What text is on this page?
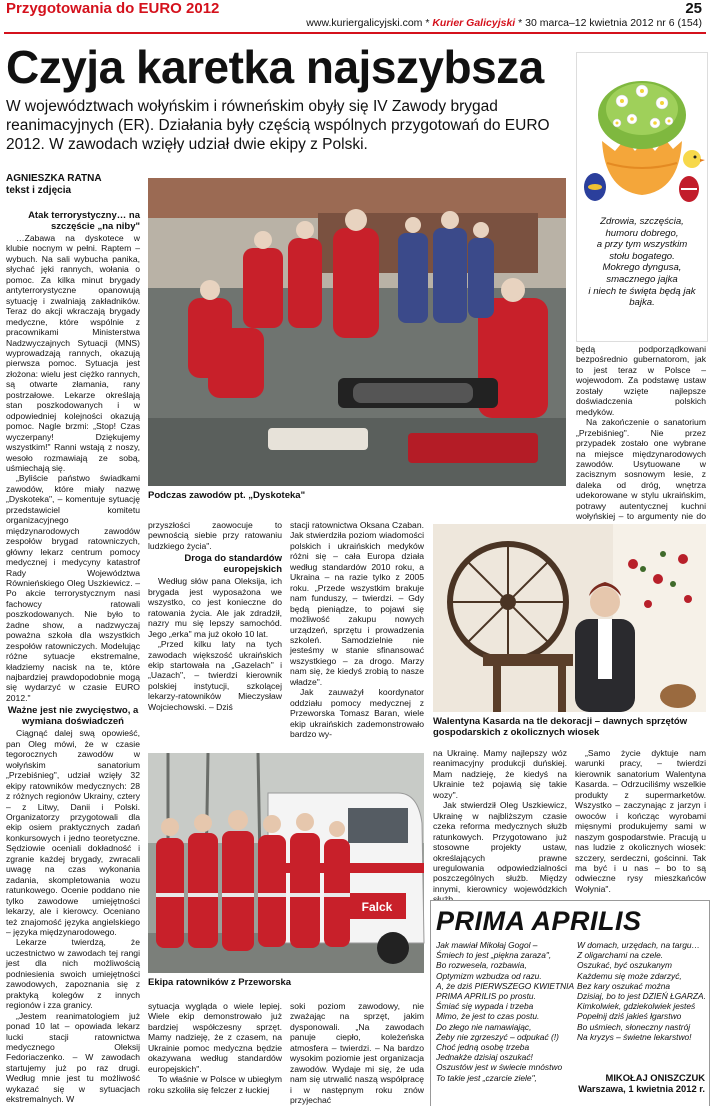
Przygotowania do EURO 2012	25
www.kuriergalicyjski.com * Kurier Galicyjski * 30 marca–12 kwietnia 2012 nr 6 (154)
Czyja karetka najszybsza
W województwach wołyńskim i równeńskim obyły się IV Zawody brygad reanimacyjnych (ER). Działania były częścią wspólnych przygotowań do EURO 2012. W zawodach wzięły udział dwie ekipy z Polski.
Zdrowia, szczęścia,
humoru dobrego,
a przy tym wszystkim
stołu bogatego.
Mokrego dyngusa,
smacznego jajka
i niech te święta będą jak bajka.
AGNIESZKA RATNA
tekst i zdjęcia
Atak terrorystyczny… na szczęście „na niby"

…Zabawa na dyskotece w klubie nocnym w pełni. Raptem – wybuch. Na sali wybucha panika, słychać jęki rannych, wołania o pomoc. Za kilka minut brygady antyterrorystyczne opanowują sytuację i zwalniają zakładników. Teraz do akcji wkraczają brygady medyczne, które wspólnie z pracownikami Ministerstwa Nadzwyczajnych Sytuacji (MNS) wyprowadzają rannych, okazują pierwsza pomoc. Sytuacja jest złożona: wielu jest ciężko rannych, są otwarte złamania, rany postrzałowe. Lekarze określają stan poszkodowanych i w odpowiedniej kolejności okazują pomoc. Nagle brzmi: „Stop! Czas wyczerpany! Dziękujemy wszystkim!" Ranni wstają z noszy, wesoło rozmawiają ze sobą, uśmiechają się.

„Byliście państwo świadkami zawodów, które miały nazwę „Dyskoteka", – komentuje sytuację przedstawiciel komitetu organizacyjnego międzynarodowych zawodów zespołów brygad ratowniczych, główny lekarz centrum pomocy medycznej i medycyny katastrof Rady Województwa Równieńskiego Oleg Uszkiewicz. – Po akcie terrorystycznym nasi fachowcy ratowali poszkodowanych. Nie było to żadne show, a nadzwyczaj poważna szkoła dla wszystkich zespołów ratowniczych. Modelując różne sytuacje ekstremalne, kładziemy nacisk na te, które najbardziej prawdopodobnie mogą się wydarzyć w czasie EURO 2012."

Ważne jest nie zwycięstwo, a wymiana doświadczeń

Ciągnąć dalej swą opowieść, pan Oleg mówi, że w czasie tegorocznych zawodów w wołyńskim sanatorium „Przebiśnieg", udział wzięły 32 ekipy ratowników medycznych: 28 z różnych regionów Ukrainy, cztery – z Litwy, Danii i Polski. Organizatorzy przygotowali dla ekip osiem praktycznych zadań konkursowych i jedno teoretyczne. Sędziowie oceniali dokładność i zgranie każdej brygady, zwracali uwagę na czas wykonania zadania, skompletowania wozu ratunkowego. Ocenie poddano nie tylko zawodowe umiejętności lekarzy, ale i kierowcy. Oceniano też znajomość języka angielskiego – języka międzynarodowego.

Lekarze twierdzą, że uczestnictwo w zawodach tej rangi jest dla nich możliwością podniesienia swoich umiejętności zawodowych, zapoznania się z praktyką kolegów z innych regionów i zza granicy.

„Jestem reanimatologiem już ponad 10 lat – opowiada lekarz lucki stacji ratownictwa medycznego Oleksij Fedoriaczenko. – W zawodach startujemy już po raz drugi. Według mnie jest tu możliwość wykazać się w sytuacjach ekstremalnych. W

Podczas zawodów pt. „Dyskoteka"

będą podporządkowani bezpośrednio gubernatorom, jak to jest teraz w Polsce – wojewodom. Za podstawę ustaw zostały wzięte najlepsze doświadczenia polskich medyków.

Na zakończenie o sanatorium „Przebiśnieg". Nie przez przypadek zostało one wybrane na miejsce międzynarodowych zawodów. Usytuowane w zacisznym sosnowym lesie, z daleka od dróg, wnętrza udekorowane w stylu ukraińskim, potrawy autentycznej kuchni wołyńskiej – to argumenty nie do

przyszłości zaowocuje to pewnością siebie przy ratowaniu ludzkiego życia".

Droga do standardów europejskich

Według słów pana Oleksija, ich brygada jest wyposażona we wszystko, co jest konieczne do ratowania życia. Ale jak zdradził, nazry mu się lepszy samochód. Jego „erka" ma już około 10 lat.

„Przed kilku laty na tych zawodach większość ukraińskich ekip startowała na „Gazelach" i „Uazach", – twierdzi kierownik polskiej instytucji, szkolącej lekarzy-ratowników Mieczysław Wojciechowski. – Dziś

stacji ratownictwa Oksana Czaban. Jak stwierdziła poziom wiadomości polskich i ukraińskich medyków różni się – cała Europa działa według standardów 2010 roku, a Ukraina – na razie tylko z 2005 roku. „Przede wszystkim brakuje nam funduszy, – twierdzi. – Gdy będą pieniądze, to pojawi się możliwość zakupu nowych urządzeń, sprzętu i prowadzenia szkoleń. Samodzielnie nie jesteśmy w stanie sfinansować wszystkiego – za drogo. Marzy nam się, że kiedyś zrobią to nasze władze".

Jak zauważył koordynator oddziału pomocy medycznej z Przeworska Tomasz Baran, wiele ekip ukraińskich zademonstrowało bardzo wy-

Walentyna Kasarda na tle dekoracji – dawnych sprzętów gospodarskich z okolicznych wiosek
Falck
Ekipa ratowników z Przeworska

sytuacja wygląda o wiele lepiej. Wiele ekip demonstrowało już bardziej współczesny sprzęt. Mamy nadzieję, że z czasem, na Ukrainie pomoc medyczna będzie okazywana według standardów europejskich".

To właśnie w Polsce w ubiegłym roku szkoliła się felczer z łuckiej

soki poziom zawodowy, nie zważając na sprzęt, jakim dysponowali. „Na zawodach panuje ciepło, koleżeńska atmosfera – twierdzi. – Na bardzo wysokim poziomie jest organizacja zawodów. Wydaje mi się, że uda nam się utrwalić naszą współpracę i w następnym roku znów przyjechać

na Ukrainę. Mamy najlepszy wóz reanimacyjny produkcji duńskiej. Mam nadzieję, że kiedyś na Ukrainie też pojawią się takie wozy".

Jak stwierdził Oleg Uszkiewicz, Ukrainę w najbliższym czasie czeka reforma medycznych służb ratunkowych. Przygotowano już stosowne projekty ustaw, określających prawne uregulowania odpowiedzialności poszczególnych służb. Między innymi, kierownicy wojewódzkich

„Samo życie dyktuje nam warunki pracy, – twierdzi kierownik sanatorium Walentyna Kasarda. – Odrzuciliśmy wszelkie produkty z supermarketów. Wszystko – zaczynając z jarzyn i owoców i kończąc wyrobami mięsnymi produkujemy sami w naszym gospodarstwie. Pracują u nas ludzie z okolicznych wiosek: szczery, serdeczni, gościnni. Tak ma być i u nas – bo to są odwieczne rysy mieszkańców Wołynia".

PRIMA APRILIS
Jak mawiał Mikołaj Gogol –
Śmiech to jest „piękna zaraza",
Bo rozwesela, rozbawia,
Optymizm wzbudza od razu.
A, że dziś PIERWSZEGO KWIETNIA
PRIMA APRILIS po prostu.
Śmiać się wypada i trzeba
Mimo, że jest to czas postu.
Do złego nie namawiając,
Żeby nie zgrzeszyć – odpukać (!)
Choć jedną osobę trzeba
Jednakże dzisiaj oszukać!
Oszustów jest w świecie mnóstwo
To takie jest „czarcie ziele",
W domach, urzędach, na targu…
Z oligarchami na czele.
Oszukać, być oszukanym
Każdemu się może zdarzyć,
Bez kary oszukać można
Dzisiaj, bo to jest DZIEŃ ŁGARZA.
Kimkolwiek, gdziekolwiek jesteś
Popełnij dziś jakieś łgarstwo
Bo uśmiech, słoneczny nastrój
Na kryzys – świetne lekarstwo!
MIKOŁAJ ONISZCZUK
Warszawa, 1 kwietnia 2012 r.
